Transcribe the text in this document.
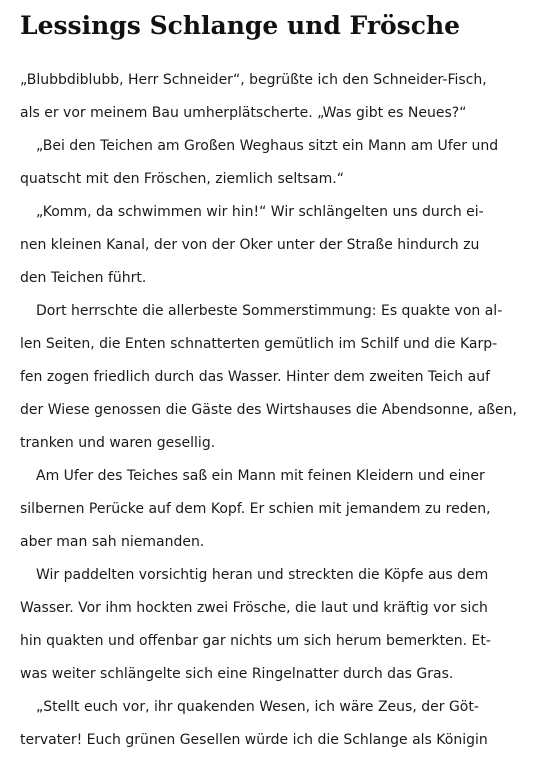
Lessings Schlange und Frösche
„Blubbdiblubb, Herr Schneider“, begrüßte ich den Schneider-Fisch,
als er vor meinem Bau umherplätscherte. „Was gibt es Neues?“
„Bei den Teichen am Großen Weghaus sitzt ein Mann am Ufer und
quatscht mit den Fröschen, ziemlich seltsam.“
„Komm, da schwimmen wir hin!“ Wir schlängelten uns durch ei-
nen kleinen Kanal, der von der Oker unter der Straße hindurch zu
den Teichen führt.
Dort herrschte die allerbeste Sommerstimmung: Es quakte von al-
len Seiten, die Enten schnatterten gemütlich im Schilf und die Karp-
fen zogen friedlich durch das Wasser. Hinter dem zweiten Teich auf
der Wiese genossen die Gäste des Wirtshauses die Abendsonne, aßen,
tranken und waren gesellig.
Am Ufer des Teiches saß ein Mann mit feinen Kleidern und einer
silbernen Perücke auf dem Kopf. Er schien mit jemandem zu reden,
aber man sah niemanden.
Wir paddelten vorsichtig heran und streckten die Köpfe aus dem
Wasser. Vor ihm hockten zwei Frösche, die laut und kräftig vor sich
hin quakten und offenbar gar nichts um sich herum bemerkten. Et-
was weiter schlängelte sich eine Ringelnatter durch das Gras.
„Stellt euch vor, ihr quakenden Wesen, ich wäre Zeus, der Göt-
tervater! Euch grünen Gesellen würde ich die Schlange als Königin
